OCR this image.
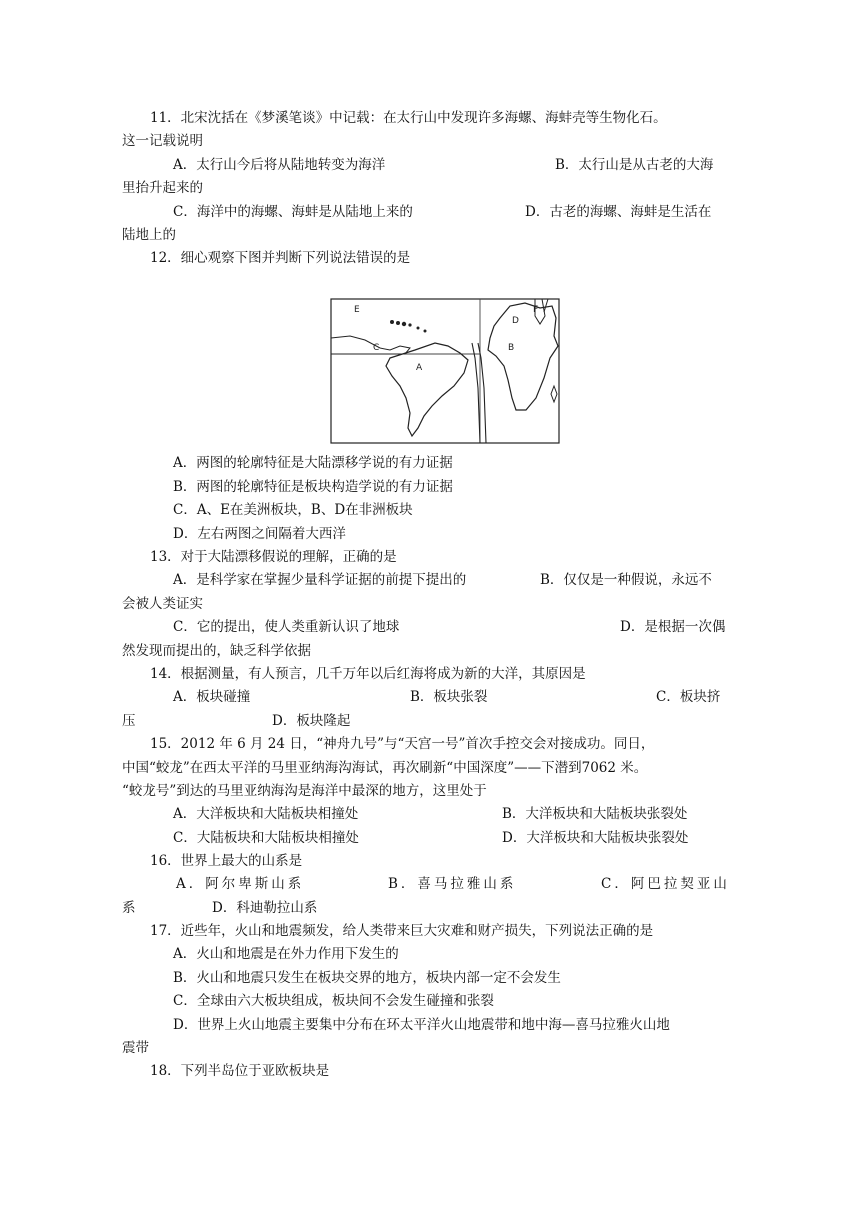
11．北宋沈括在《梦溪笔谈》中记载：在太行山中发现许多海螺、海蚌壳等生物化石。
这一记载说明
A．太行山今后将从陆地转变为海洋	B．太行山是从古老的大海
里抬升起来的
C．海洋中的海螺、海蚌是从陆地上来的	D．古老的海螺、海蚌是生活在
陆地上的
12．细心观察下图并判断下列说法错误的是
E
C
A
D
F
B
A．两图的轮廓特征是大陆漂移学说的有力证据
B．两图的轮廓特征是板块构造学说的有力证据
C．A、E在美洲板块，B、D在非洲板块
D．左右两图之间隔着大西洋
13．对于大陆漂移假说的理解，正确的是
A．是科学家在掌握少量科学证据的前提下提出的	B．仅仅是一种假说，永远不
会被人类证实
C．它的提出，使人类重新认识了地球	D．是根据一次偶
然发现而提出的，缺乏科学依据
14．根据测量，有人预言，几千万年以后红海将成为新的大洋，其原因是
A．板块碰撞	B．板块张裂	C．板块挤
压	D．板块隆起
15．2012 年 6 月 24 日，“神舟九号”与“天宫一号”首次手控交会对接成功。同日，
中国“蛟龙”在西太平洋的马里亚纳海沟海试，再次刷新“中国深度”——下潜到7062 米。
“蛟龙号”到达的马里亚纳海沟是海洋中最深的地方，这里处于
A．大洋板块和大陆板块相撞处	B．大洋板块和大陆板块张裂处
C．大陆板块和大陆板块相撞处	D．大洋板块和大陆板块张裂处
16．世界上最大的山系是
A．阿尔卑斯山系	B．喜马拉雅山系	C．阿巴拉契亚山
系	D．科迪勒拉山系
17．近些年，火山和地震频发，给人类带来巨大灾难和财产损失，下列说法正确的是
A．火山和地震是在外力作用下发生的
B．火山和地震只发生在板块交界的地方，板块内部一定不会发生
C．全球由六大板块组成，板块间不会发生碰撞和张裂
D．世界上火山地震主要集中分布在环太平洋火山地震带和地中海—喜马拉雅火山地
震带
18．下列半岛位于亚欧板块是
